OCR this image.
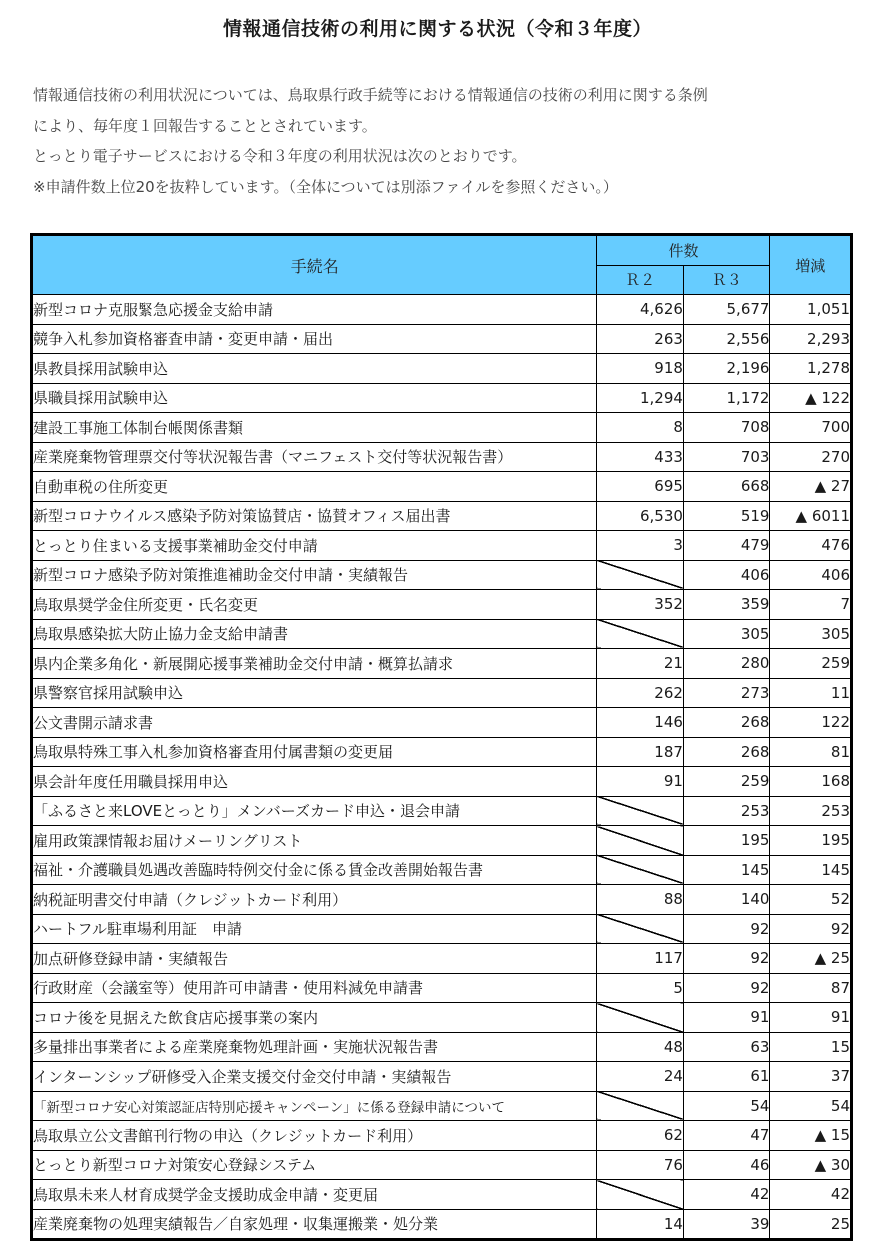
情報通信技術の利用に関する状況（令和３年度）
情報通信技術の利用状況については、鳥取県行政手続等における情報通信の技術の利用に関する条例
により、毎年度１回報告することとされています。
とっとり電子サービスにおける令和３年度の利用状況は次のとおりです。
※申請件数上位20を抜粋しています。（全体については別添ファイルを参照ください。）
手続名	件数		増減
	Ｒ２	Ｒ３	
新型コロナ克服緊急応援金支給申請	4,626	5,677	1,051
競争入札参加資格審査申請・変更申請・届出	263	2,556	2,293
県教員採用試験申込	918	2,196	1,278
県職員採用試験申込	1,294	1,172	▲ 122
建設工事施工体制台帳関係書類	8	708	700
産業廃棄物管理票交付等状況報告書（マニフェスト交付等状況報告書）	433	703	270
自動車税の住所変更	695	668	▲ 27
新型コロナウイルス感染予防対策協賛店・協賛オフィス届出書	6,530	519	▲ 6011
とっとり住まいる支援事業補助金交付申請	3	479	476
新型コロナ感染予防対策推進補助金交付申請・実績報告		406	406
鳥取県奨学金住所変更・氏名変更	352	359	7
鳥取県感染拡大防止協力金支給申請書		305	305
県内企業多角化・新展開応援事業補助金交付申請・概算払請求	21	280	259
県警察官採用試験申込	262	273	11
公文書開示請求書	146	268	122
鳥取県特殊工事入札参加資格審査用付属書類の変更届	187	268	81
県会計年度任用職員採用申込	91	259	168
「ふるさと来LOVEとっとり」メンバーズカード申込・退会申請		253	253
雇用政策課情報お届けメーリングリスト		195	195
福祉・介護職員処遇改善臨時特例交付金に係る賃金改善開始報告書		145	145
納税証明書交付申請（クレジットカード利用）	88	140	52
ハートフル駐車場利用証　申請		92	92
加点研修登録申請・実績報告	117	92	▲ 25
行政財産（会議室等）使用許可申請書・使用料減免申請書	5	92	87
コロナ後を見据えた飲食店応援事業の案内		91	91
多量排出事業者による産業廃棄物処理計画・実施状況報告書	48	63	15
インターンシップ研修受入企業支援交付金交付申請・実績報告	24	61	37
「新型コロナ安心対策認証店特別応援キャンペーン」に係る登録申請について		54	54
鳥取県立公文書館刊行物の申込（クレジットカード利用）	62	47	▲ 15
とっとり新型コロナ対策安心登録システム	76	46	▲ 30
鳥取県未来人材育成奨学金支援助成金申請・変更届		42	42
産業廃棄物の処理実績報告／自家処理・収集運搬業・処分業	14	39	25
